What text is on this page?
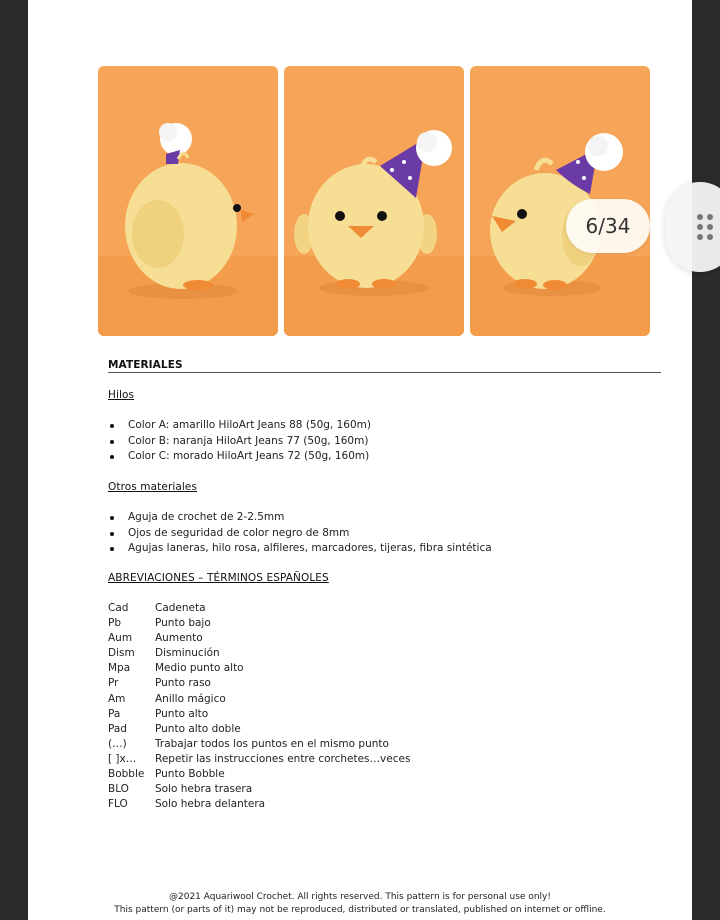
MATERIALES
Hilos
Color A: amarillo HiloArt Jeans 88 (50g, 160m)
Color B: naranja HiloArt Jeans 77 (50g, 160m)
Color C: morado HiloArt Jeans 72 (50g, 160m)
Otros materiales
Aguja de crochet de 2-2.5mm
Ojos de seguridad de color negro de 8mm
Agujas laneras, hilo rosa, alfileres, marcadores, tijeras, fibra sintética
ABREVIACIONES – TÉRMINOS ESPAÑOLES
Cad	Cadeneta
Pb	Punto bajo
Aum Aumento
Dism Disminución
Mpa Medio punto alto
Pr	Punto raso
Am	Anillo mágico
Pa	Punto alto
Pad	Punto alto doble
(…)	Trabajar todos los puntos en el mismo punto
[ ]x… Repetir las instrucciones entre corchetes…veces
Bobble Punto Bobble
BLO Solo hebra trasera
FLO	Solo hebra delantera
@2021 Aquariwool Crochet. All rights reserved. This pattern is for personal use only!
This pattern (or parts of it) may not be reproduced, distributed or translated, published on internet or offline.
6/34
